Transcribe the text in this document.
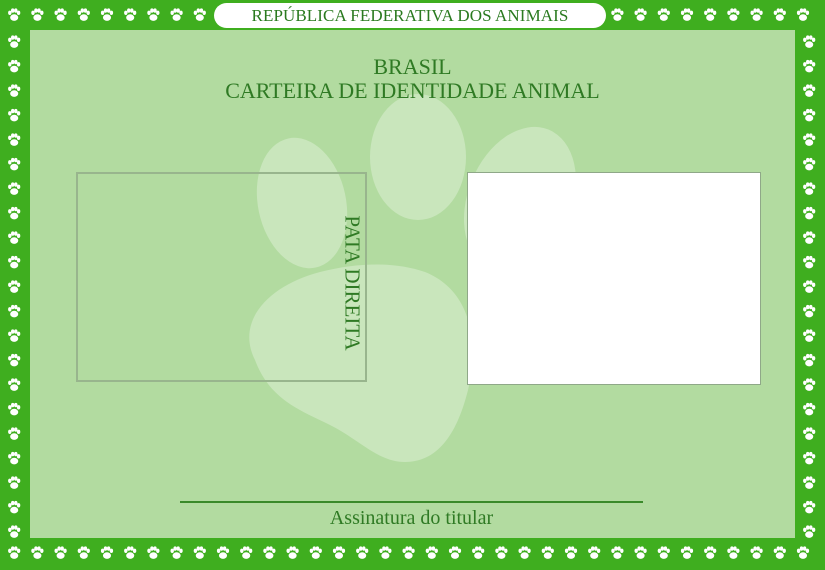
REPÚBLICA FEDERATIVA DOS ANIMAIS
BRASIL
CARTEIRA DE IDENTIDADE ANIMAL
PATA DIREITA
Assinatura do titular
